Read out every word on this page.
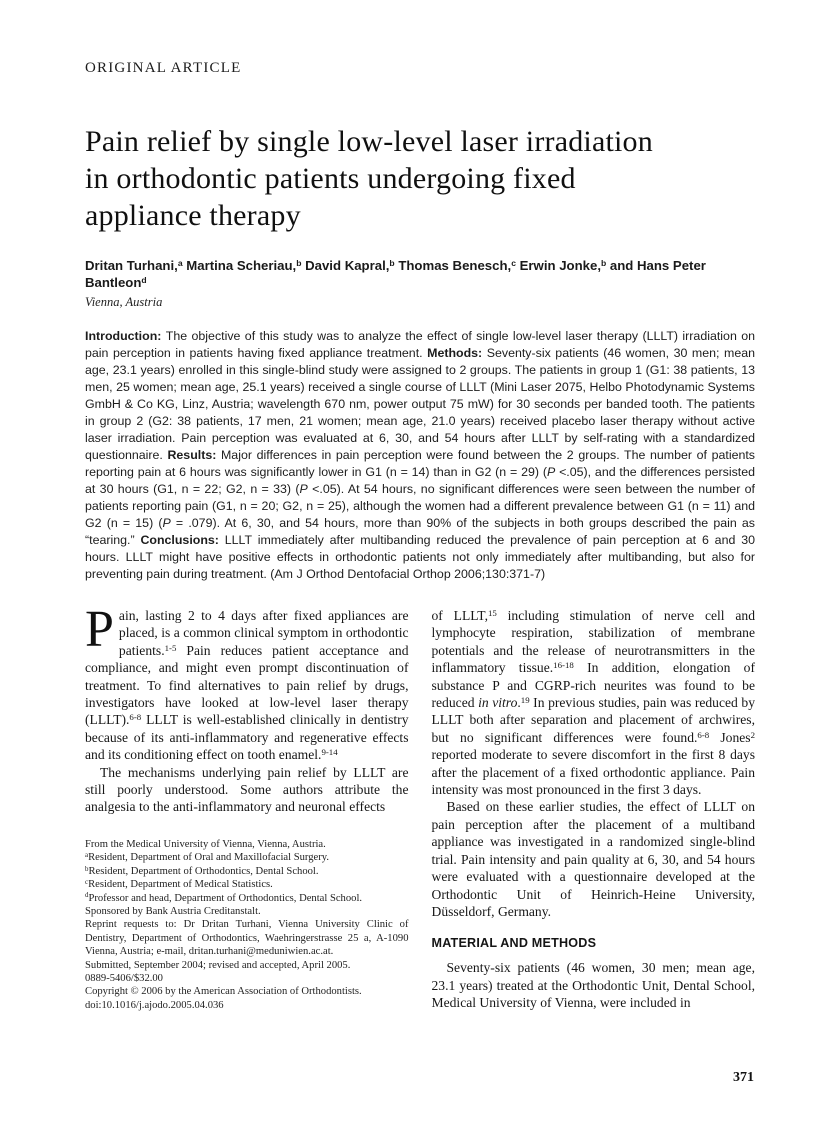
ORIGINAL ARTICLE
Pain relief by single low-level laser irradiation
in orthodontic patients undergoing fixed
appliance therapy
Dritan Turhani,$^a$ Martina Scheriau,$^b$ David Kapral,$^b$ Thomas Benesch,$^c$ Erwin Jonke,$^b$ and Hans Peter Bantleon$^d$
Vienna, Austria
Introduction: The objective of this study was to analyze the effect of single low-level laser therapy (LLLT) irradiation on pain perception in patients having fixed appliance treatment. Methods: Seventy-six patients (46 women, 30 men; mean age, 23.1 years) enrolled in this single-blind study were assigned to 2 groups. The patients in group 1 (G1: 38 patients, 13 men, 25 women; mean age, 25.1 years) received a single course of LLLT (Mini Laser 2075, Helbo Photodynamic Systems GmbH & Co KG, Linz, Austria; wavelength 670 nm, power output 75 mW) for 30 seconds per banded tooth. The patients in group 2 (G2: 38 patients, 17 men, 21 women; mean age, 21.0 years) received placebo laser therapy without active laser irradiation. Pain perception was evaluated at 6, 30, and 54 hours after LLLT by self-rating with a standardized questionnaire. Results: Major differences in pain perception were found between the 2 groups. The number of patients reporting pain at 6 hours was significantly lower in G1 (n = 14) than in G2 (n = 29) (P <.05), and the differences persisted at 30 hours (G1, n = 22; G2, n = 33) (P <.05). At 54 hours, no significant differences were seen between the number of patients reporting pain (G1, n = 20; G2, n = 25), although the women had a different prevalence between G1 (n = 11) and G2 (n = 15) (P = .079). At 6, 30, and 54 hours, more than 90% of the subjects in both groups described the pain as “tearing.” Conclusions: LLLT immediately after multibanding reduced the prevalence of pain perception at 6 and 30 hours. LLLT might have positive effects in orthodontic patients not only immediately after multibanding, but also for preventing pain during treatment. (Am J Orthod Dentofacial Orthop 2006;130:371-7)

Pain, lasting 2 to 4 days after fixed appliances are placed, is a common clinical symptom in orthodontic patients.$^{1-5}$ Pain reduces patient acceptance and compliance, and might even prompt discontinuation of treatment. To find alternatives to pain relief by drugs, investigators have looked at low-level laser therapy (LLLT).$^{6-8}$ LLLT is well-established clinically in dentistry because of its anti-inflammatory and regenerative effects and its conditioning effect on tooth enamel.$^{9-14}$

The mechanisms underlying pain relief by LLLT are still poorly understood. Some authors attribute the analgesia to the anti-inflammatory and neuronal effects

From the Medical University of Vienna, Vienna, Austria.
$^a$Resident, Department of Oral and Maxillofacial Surgery.
$^b$Resident, Department of Orthodontics, Dental School.
$^c$Resident, Department of Medical Statistics.
$^d$Professor and head, Department of Orthodontics, Dental School.
Sponsored by Bank Austria Creditanstalt.
Reprint requests to: Dr Dritan Turhani, Vienna University Clinic of Dentistry, Department of Orthodontics, Waehringerstrasse 25 a, A-1090 Vienna, Austria; e-mail, dritan.turhani@meduniwien.ac.at.
Submitted, September 2004; revised and accepted, April 2005.
0889-5406/$32.00
Copyright © 2006 by the American Association of Orthodontists.
doi:10.1016/j.ajodo.2005.04.036

of LLLT,$^{15}$ including stimulation of nerve cell and lymphocyte respiration, stabilization of membrane potentials and the release of neurotransmitters in the inflammatory tissue.$^{16-18}$ In addition, elongation of substance P and CGRP-rich neurites was found to be reduced in vitro.$^{19}$ In previous studies, pain was reduced by LLLT both after separation and placement of archwires, but no significant differences were found.$^{6-8}$ Jones$^2$ reported moderate to severe discomfort in the first 8 days after the placement of a fixed orthodontic appliance. Pain intensity was most pronounced in the first 3 days.

Based on these earlier studies, the effect of LLLT on pain perception after the placement of a multiband appliance was investigated in a randomized single-blind trial. Pain intensity and pain quality at 6, 30, and 54 hours were evaluated with a questionnaire developed at the Orthodontic Unit of Heinrich-Heine University, Düsseldorf, Germany.

MATERIAL AND METHODS

Seventy-six patients (46 women, 30 men; mean age, 23.1 years) treated at the Orthodontic Unit, Dental School, Medical University of Vienna, were included in

371
